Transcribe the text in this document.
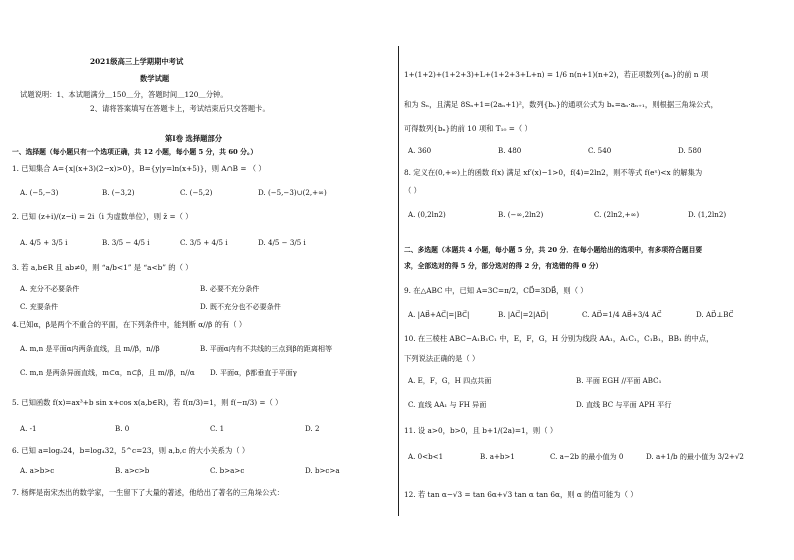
2021级高三上学期期中考试
数学试题
试题说明：1、本试题满分＿150＿分，答题时间＿120＿分钟。
2、请将答案填写在答题卡上，考试结束后只交答题卡。
第Ⅰ卷 选择题部分
一、选择题（每小题只有一个选项正确，共 12 小题，每小题 5 分，共 60 分。）
1. 已知集合 A={x|(x+3)(2−x)>0}，B={y|y=ln(x+5)}，则 A∩B = （ ）
A. (−5,−3)	B. (−3,2)	C. (−5,2)	D. (−5,−3)∪(2,+∞)
2. 已知 (z+i)/(z−i) = 2i（i 为虚数单位），则 z̄ =（ ）
A. 4/5 + 3/5 i	B. 3/5 − 4/5 i	C. 3/5 + 4/5 i	D. 4/5 − 3/5 i
3. 若 a,b∈R 且 ab≠0，则 “a/b<1” 是 “a<b” 的（ ）
A. 充分不必要条件	B. 必要不充分条件
C. 充要条件	D. 既不充分也不必要条件
4.已知α，β是两个不重合的平面，在下列条件中，能判断 α//β 的有（ ）
A. m,n 是平面α内两条直线，且 m//β，n//β	B. 平面α内有不共线的三点到β的距离相等
C. m,n 是两条异面直线，m⊂α，n⊂β，且 m//β，n//α D. 平面α，β都垂直于平面γ
5. 已知函数 f(x)=ax³+b sin x+cos x(a,b∈R)，若 f(π/3)=1，则 f(−π/3) =（ ）
A. -1	B. 0	C. 1	D. 2
6. 已知 a=log₃24，b=log₄32，5^c=23，则 a,b,c 的大小关系为（ ）
A. a>b>c	B. a>c>b	C. b>a>c	D. b>c>a
7. 杨辉是南宋杰出的数学家，一生留下了大量的著述，他给出了著名的三角垛公式：
1+(1+2)+(1+2+3)+L+(1+2+3+L+n) = 1/6 n(n+1)(n+2)，若正项数列{aₙ}的前 n 项
和为 Sₙ，且满足 8Sₙ+1=(2aₙ+1)²，数列{bₙ}的通项公式为 bₙ=aₙ·aₙ₊₁，则根据三角垛公式，
可得数列{bₙ}的前 10 项和 T₁₀ =（ ）
A. 360	B. 480	C. 540	D. 580
8. 定义在(0,+∞)上的函数 f(x) 满足 xf′(x)−1>0，f(4)=2ln2，则不等式 f(eˣ)<x 的解集为
（ ）
A. (0,2ln2)	B. (−∞,2ln2)	C. (2ln2,+∞)	D. (1,2ln2)
二、多选题（本题共 4 小题，每小题 5 分，共 20 分．在每小题给出的选项中，有多项符合题目要
求，全部选对的得 5 分，部分选对的得 2 分，有选错的得 0 分）
9. 在△ABC 中，已知 A=3C=π/2，CD⃗=3DB⃗，则（ ）
A. |AB⃗+AC⃗|=|BC⃗|	B. |AC⃗|=2|AD⃗|	C. AD⃗=1/4 AB⃗+3/4 AC⃗	D. AD⃗⊥BC⃗
10. 在三棱柱 ABC−A₁B₁C₁ 中，E，F，G，H 分别为线段 AA₁，A₁C₁，C₁B₁，BB₁ 的中点，
下列说法正确的是（ ）
A. E，F，G，H 四点共面	B. 平面 EGH //平面 ABC₁
C. 直线 AA₁ 与 FH 异面	D. 直线 BC 与平面 APH 平行
11. 设 a>0，b>0，且 b+1/(2a)=1，则（ ）
A. 0<b<1	B. a+b>1	C. a−2b 的最小值为 0	D. a+1/b 的最小值为 3/2+√2
12. 若 tan α−√3 = tan 6α+√3 tan α tan 6α，则 α 的值可能为（ ）
